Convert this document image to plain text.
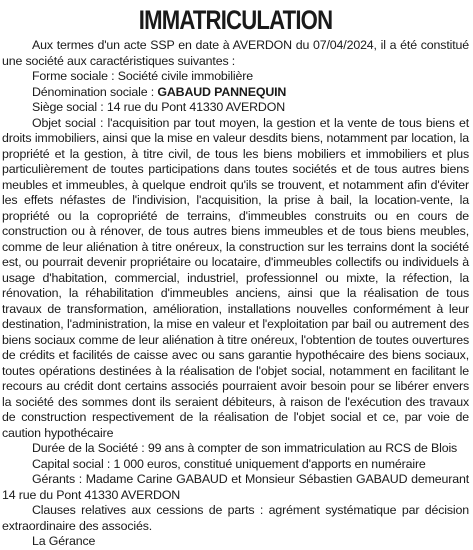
IMMATRICULATION

Aux termes d'un acte SSP en date à AVERDON du 07/04/2024, il a été constitué une société aux caractéristiques suivantes :

Forme sociale : Société civile immobilière

Dénomination sociale : GABAUD PANNEQUIN

Siège social : 14 rue du Pont 41330 AVERDON

Objet social : l'acquisition par tout moyen, la gestion et la vente de tous biens et droits immobiliers, ainsi que la mise en valeur desdits biens, notamment par location, la propriété et la gestion, à titre civil, de tous les biens mobiliers et immobiliers et plus particulièrement de toutes participations dans toutes sociétés et de tous autres biens meubles et immeubles, à quelque endroit qu'ils se trouvent, et notamment afin d'éviter les effets néfastes de l'indivision, l'acquisition, la prise à bail, la location-vente, la propriété ou la copropriété de terrains, d'immeubles construits ou en cours de construction ou à rénover, de tous autres biens immeubles et de tous biens meubles, comme de leur aliénation à titre onéreux, la construction sur les terrains dont la société est, ou pourrait devenir propriétaire ou locataire, d'immeubles collectifs ou individuels à usage d'habitation, commercial, industriel, professionnel ou mixte, la réfection, la rénovation, la réhabilitation d'immeubles anciens, ainsi que la réalisation de tous travaux de transformation, amélioration, installations nouvelles conformément à leur destination, l'administration, la mise en valeur et l'exploitation par bail ou autrement des biens sociaux comme de leur aliénation à titre onéreux, l'obtention de toutes ouvertures de crédits et facilités de caisse avec ou sans garantie hypothécaire des biens sociaux, toutes opérations destinées à la réalisation de l'objet social, notamment en facilitant le recours au crédit dont certains associés pourraient avoir besoin pour se libérer envers la société des sommes dont ils seraient débiteurs, à raison de l'exécution des travaux de construction respectivement de la réalisation de l'objet social et ce, par voie de caution hypothécaire

Durée de la Société : 99 ans à compter de son immatriculation au RCS de Blois

Capital social : 1 000 euros, constitué uniquement d'apports en numéraire

Gérants : Madame Carine GABAUD et Monsieur Sébastien GABAUD demeurant 14 rue du Pont 41330 AVERDON

Clauses relatives aux cessions de parts : agrément systématique par décision extraordinaire des associés.

La Gérance
